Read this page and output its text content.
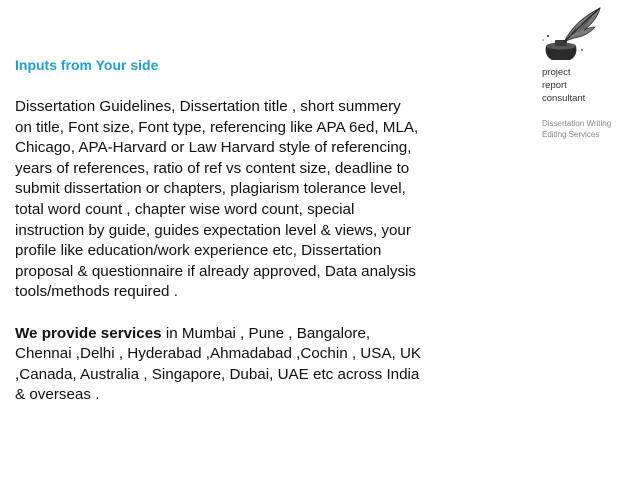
Inputs from Your side

Dissertation Guidelines, Dissertation title , short summery
on title, Font size, Font type, referencing like APA 6ed, MLA,
Chicago, APA-Harvard or Law Harvard style of referencing,
years of references, ratio of ref vs content size, deadline to
submit dissertation or chapters, plagiarism tolerance level,
total word count , chapter wise word count, special
instruction by guide, guides expectation level & views, your
profile like education/work experience etc, Dissertation
proposal & questionnaire if already approved, Data analysis
tools/methods required .

We provide services in Mumbai , Pune , Bangalore,
Chennai ,Delhi , Hyderabad ,Ahmadabad ,Cochin , USA, UK
,Canada, Australia , Singapore, Dubai, UAE etc across India
& overseas .

project
report
consultant
Dissertation Writing
Editing Services
